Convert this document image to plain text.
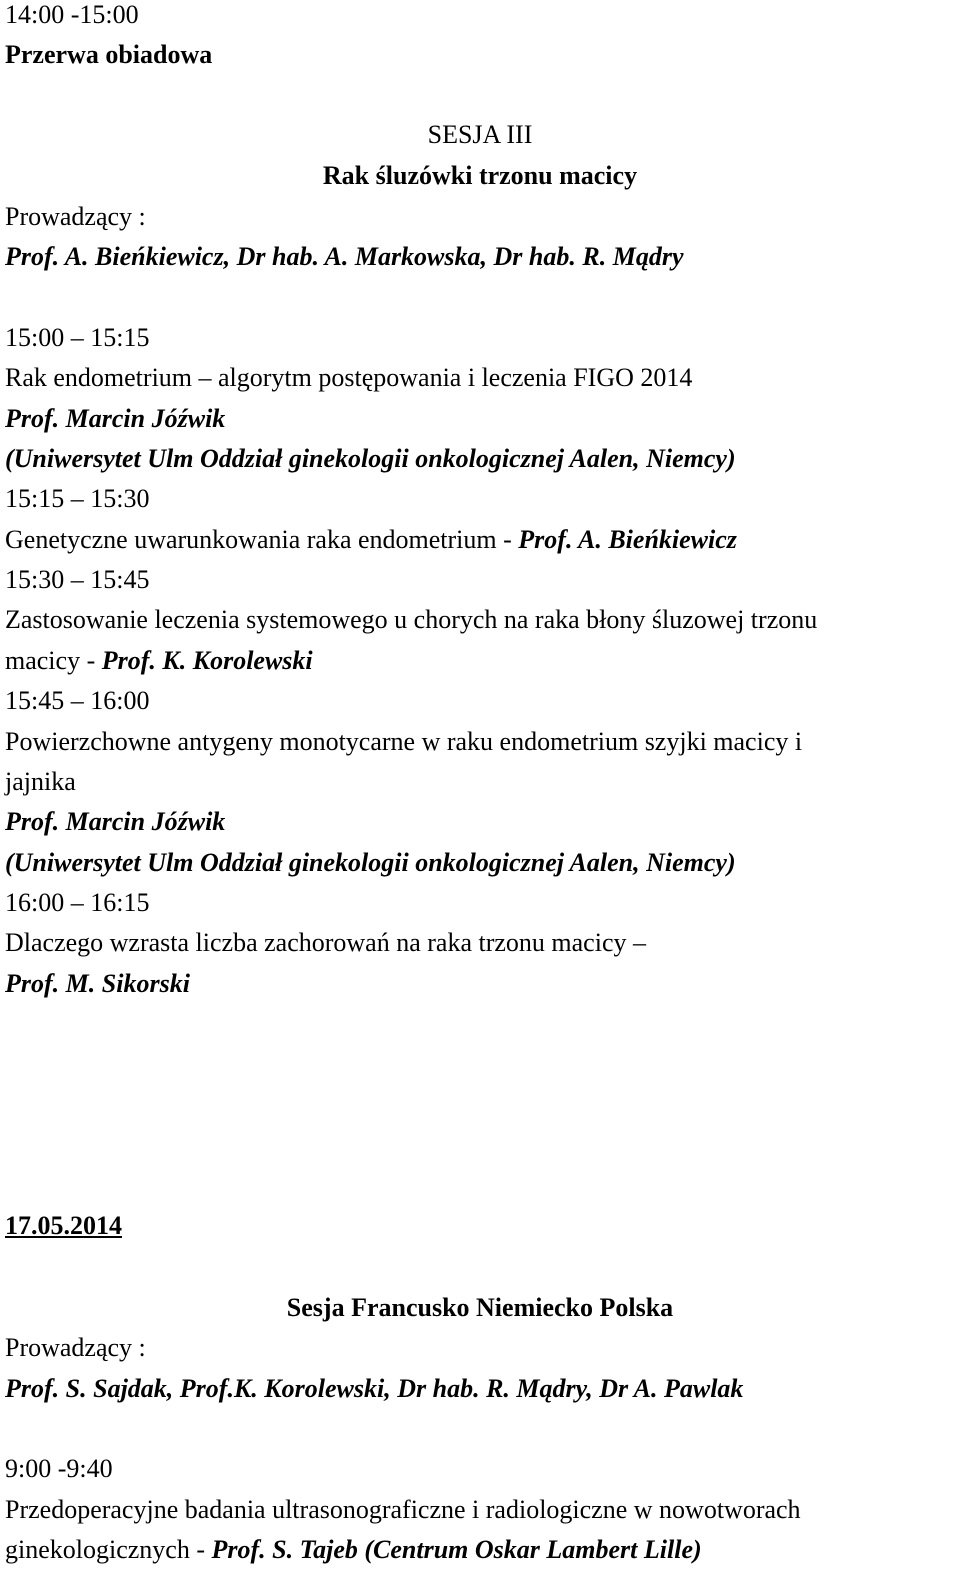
14:00 -15:00

Przerwa obiadowa

SESJA III

Rak śluzówki trzonu macicy

Prowadzący :

Prof. A. Bieńkiewicz, Dr hab. A. Markowska, Dr hab. R. Mądry

15:00 – 15:15

Rak endometrium – algorytm postępowania i leczenia FIGO 2014

Prof. Marcin Jóźwik

(Uniwersytet Ulm Oddział ginekologii onkologicznej Aalen, Niemcy)

15:15 – 15:30

Genetyczne uwarunkowania raka endometrium - Prof. A. Bieńkiewicz

15:30 – 15:45

Zastosowanie leczenia systemowego u chorych na raka błony śluzowej trzonu

macicy - Prof. K. Korolewski

15:45 – 16:00

Powierzchowne antygeny monotycarne w raku endometrium szyjki macicy i

jajnika

Prof. Marcin Jóźwik

(Uniwersytet Ulm Oddział ginekologii onkologicznej Aalen, Niemcy)

16:00 – 16:15

Dlaczego wzrasta liczba zachorowań na raka trzonu macicy –

Prof. M. Sikorski

17.05.2014

Sesja Francusko Niemiecko Polska

Prowadzący :

Prof. S. Sajdak, Prof.K. Korolewski, Dr hab. R. Mądry, Dr A. Pawlak

9:00 -9:40

Przedoperacyjne badania ultrasonograficzne i radiologiczne w nowotworach

ginekologicznych - Prof. S. Tajeb (Centrum Oskar Lambert Lille)
